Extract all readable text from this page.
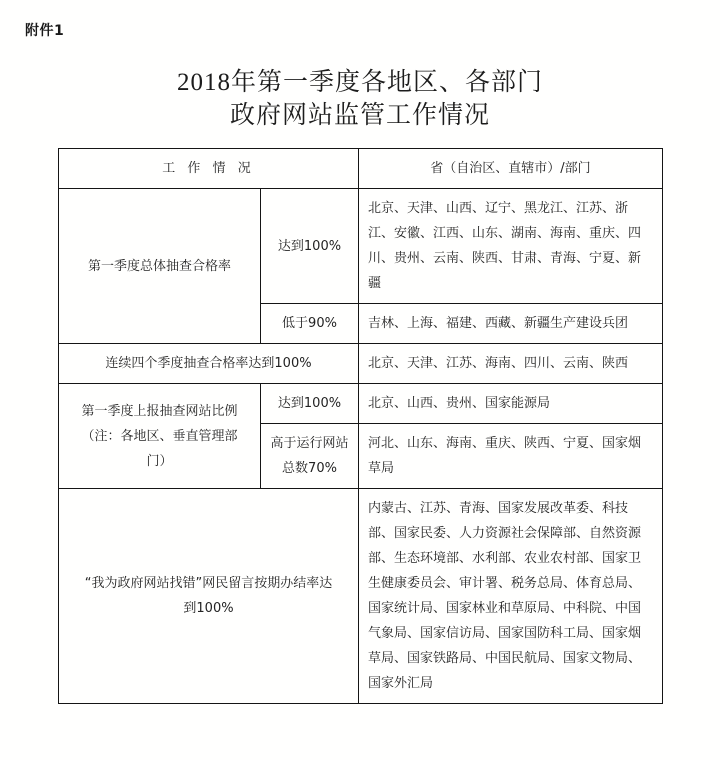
附件1
2018年第一季度各地区、各部门
政府网站监管工作情况
工 作 情 况		省（自治区、直辖市）/部门
第一季度总体抽查合格率	达到100%	北京、天津、山西、辽宁、黑龙江、江苏、浙江、安徽、江西、山东、湖南、海南、重庆、四川、贵州、云南、陕西、甘肃、青海、宁夏、新疆
	低于90%	吉林、上海、福建、西藏、新疆生产建设兵团
连续四个季度抽查合格率达到100%		北京、天津、江苏、海南、四川、云南、陕西

第一季度上报抽查网站比例
（注：各地区、垂直管理部
门）	达到100%	北京、山西、贵州、国家能源局

	高于运行网站
总数70%	河北、山东、海南、重庆、陕西、宁夏、国家烟草局

“我为政府网站找错”网民留言按期办结率达
到100%		内蒙古、江苏、青海、国家发展改革委、科技部、国家民委、人力资源社会保障部、自然资源部、生态环境部、水利部、农业农村部、国家卫生健康委员会、审计署、税务总局、体育总局、国家统计局、国家林业和草原局、中科院、中国气象局、国家信访局、国家国防科工局、国家烟草局、国家铁路局、中国民航局、国家文物局、国家外汇局
